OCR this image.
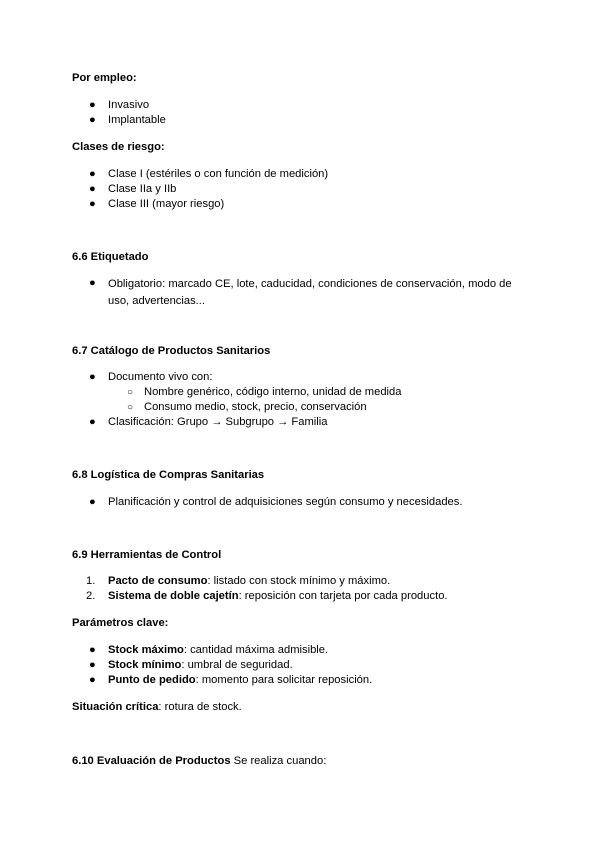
Por empleo:
● Invasivo
● Implantable
Clases de riesgo:
● Clase I (estériles o con función de medición)
● Clase IIa y IIb
● Clase III (mayor riesgo)
6.6 Etiquetado
● Obligatorio: marcado CE, lote, caducidad, condiciones de conservación, modo de
uso, advertencias...
6.7 Catálogo de Productos Sanitarios
● Documento vivo con:
○ Nombre genérico, código interno, unidad de medida
○ Consumo medio, stock, precio, conservación
● Clasificación: Grupo → Subgrupo → Familia
6.8 Logística de Compras Sanitarias
● Planificación y control de adquisiciones según consumo y necesidades.
6.9 Herramientas de Control
1. Pacto de consumo: listado con stock mínimo y máximo.
2. Sistema de doble cajetín: reposición con tarjeta por cada producto.
Parámetros clave:
● Stock máximo: cantidad máxima admisible.
● Stock mínimo: umbral de seguridad.
● Punto de pedido: momento para solicitar reposición.
Situación crítica: rotura de stock.
6.10 Evaluación de Productos Se realiza cuando:
